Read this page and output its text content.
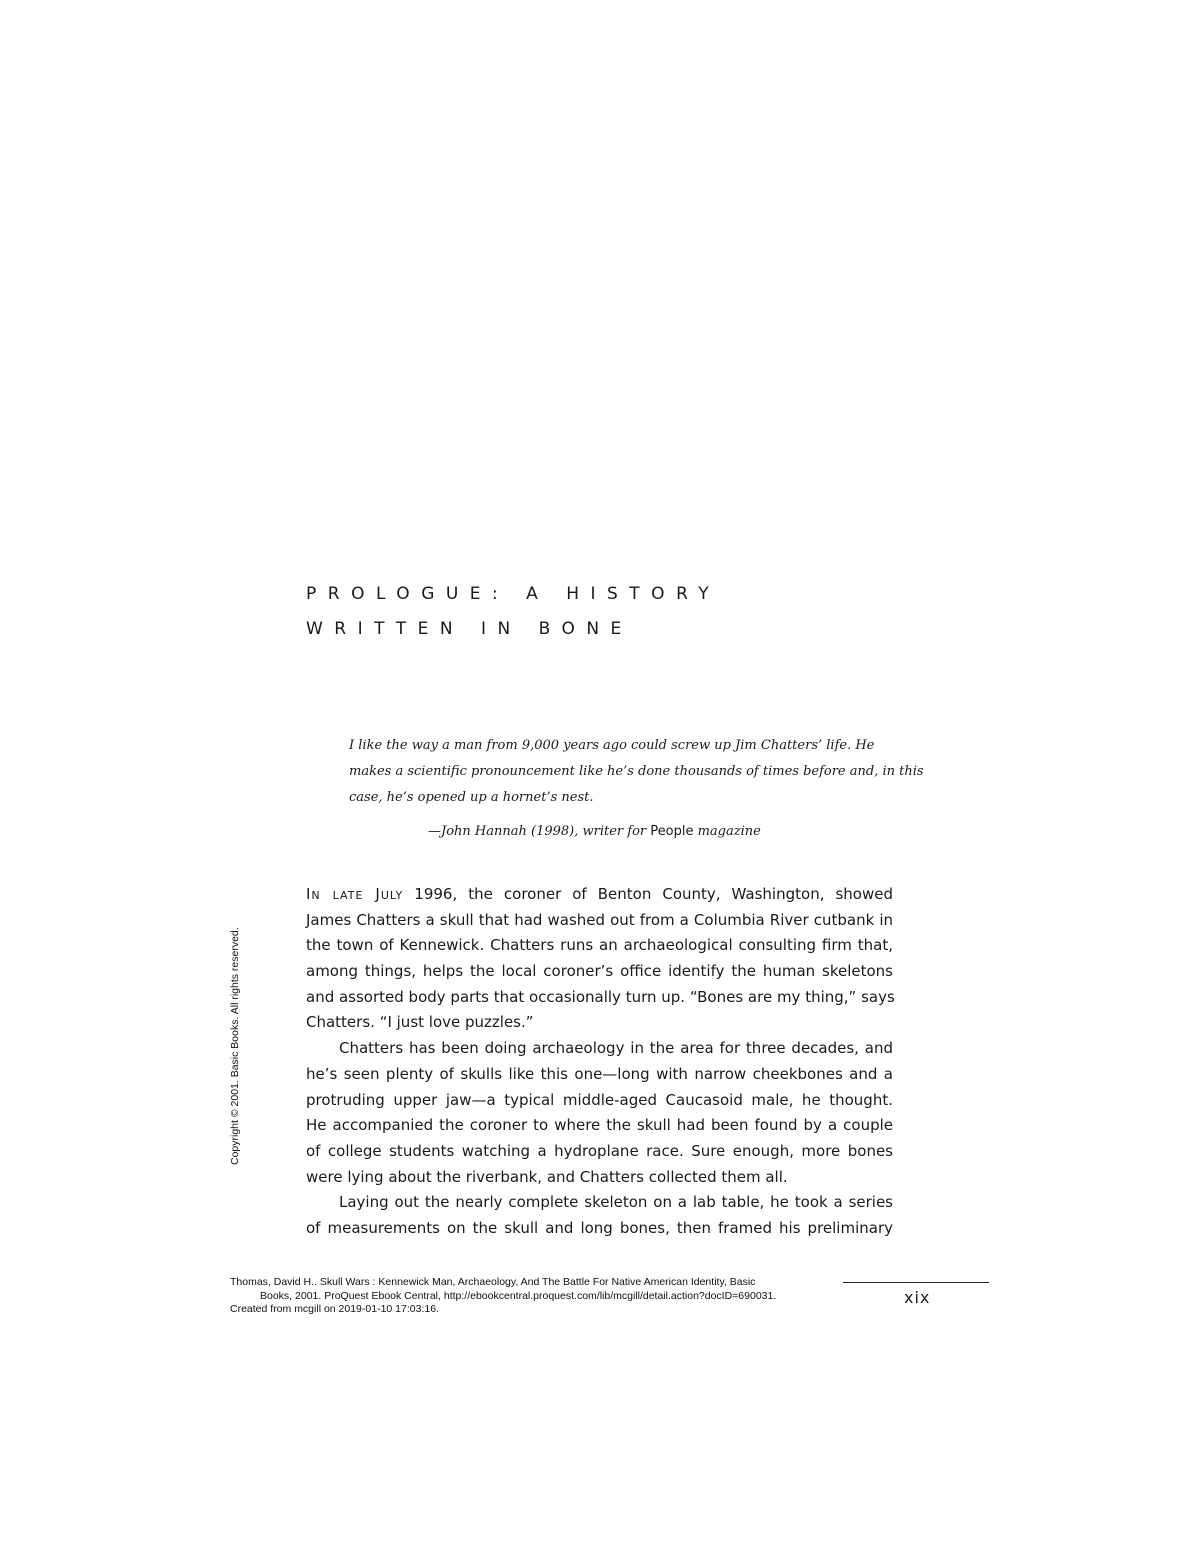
PROLOGUE: A HISTORY
WRITTEN IN BONE
I like the way a man from 9,000 years ago could screw up Jim Chatters’ life. He
makes a scientific pronouncement like he’s done thousands of times before and, in this
case, he’s opened up a hornet’s nest.
—John Hannah (1998), writer for People magazine
In late July 1996, the coroner of Benton County, Washington, showed
James Chatters a skull that had washed out from a Columbia River cutbank in
the town of Kennewick. Chatters runs an archaeological consulting firm that,
among things, helps the local coroner’s office identify the human skeletons
and assorted body parts that occasionally turn up. “Bones are my thing,” says
Chatters. “I just love puzzles.”
Chatters has been doing archaeology in the area for three decades, and
he’s seen plenty of skulls like this one—long with narrow cheekbones and a
protruding upper jaw—a typical middle-aged Caucasoid male, he thought.
He accompanied the coroner to where the skull had been found by a couple
of college students watching a hydroplane race. Sure enough, more bones
were lying about the riverbank, and Chatters collected them all.
Laying out the nearly complete skeleton on a lab table, he took a series
of measurements on the skull and long bones, then framed his preliminary
Copyright © 2001. Basic Books. All rights reserved.
Thomas, David H.. Skull Wars : Kennewick Man, Archaeology, And The Battle For Native American Identity, Basic
Books, 2001. ProQuest Ebook Central, http://ebookcentral.proquest.com/lib/mcgill/detail.action?docID=690031.
Created from mcgill on 2019-01-10 17:03:16.
xix
